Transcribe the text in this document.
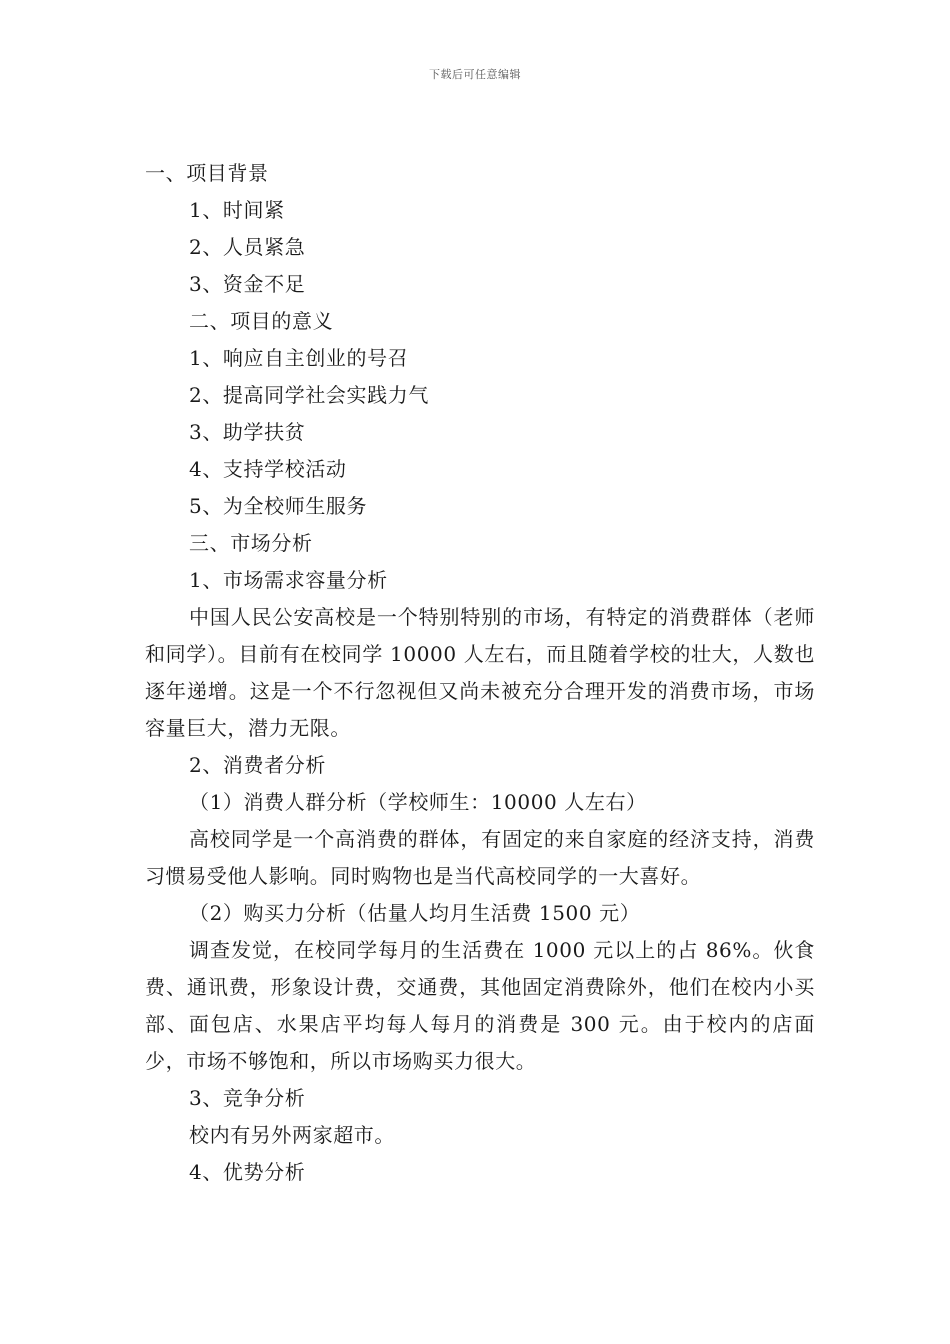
下载后可任意编辑
一、项目背景
1、时间紧
2、人员紧急
3、资金不足
二、项目的意义
1、响应自主创业的号召
2、提高同学社会实践力气
3、助学扶贫
4、支持学校活动
5、为全校师生服务
三、市场分析
1、市场需求容量分析

中国人民公安高校是一个特别特别的市场，有特定的消费群体（老师和同学）。目前有在校同学 10000 人左右，而且随着学校的壮大，人数也逐年递增。这是一个不行忽视但又尚未被充分合理开发的消费市场，市场容量巨大，潜力无限。

2、消费者分析
（1）消费人群分析（学校师生：10000 人左右）

高校同学是一个高消费的群体，有固定的来自家庭的经济支持，消费习惯易受他人影响。同时购物也是当代高校同学的一大喜好。

（2）购买力分析（估量人均月生活费 1500 元）

调查发觉，在校同学每月的生活费在 1000 元以上的占 86%。伙食费、通讯费，形象设计费，交通费，其他固定消费除外，他们在校内小买部、面包店、水果店平均每人每月的消费是 300 元。由于校内的店面少，市场不够饱和，所以市场购买力很大。

3、竞争分析
校内有另外两家超市。
4、优势分析
